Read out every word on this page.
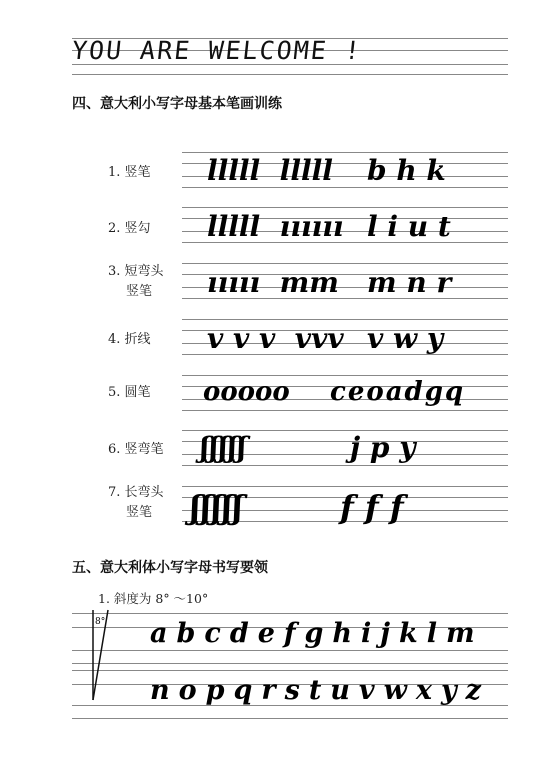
YOU ARE WELCOME !
四、意大利小写字母基本笔画训练
1. 竖笔 lllll  lllll b h k
2. 竖勾 lllll  ıııııı l i u t
3. 短弯头
竖笔	ııııı  mm m n r
4. 折线 v v v  vvv v w y
5. 圆笔 ooooo ceoadgq
6. 竖弯笔 ʃʃʃʃʃ	j p y
7. 长弯头
竖笔	ʃʃʃʃʃ	f f f
五、意大利体小写字母书写要领
1. 斜度为 8° ～10°
8° abcdefghijklm
nopqrstuvwxyz
